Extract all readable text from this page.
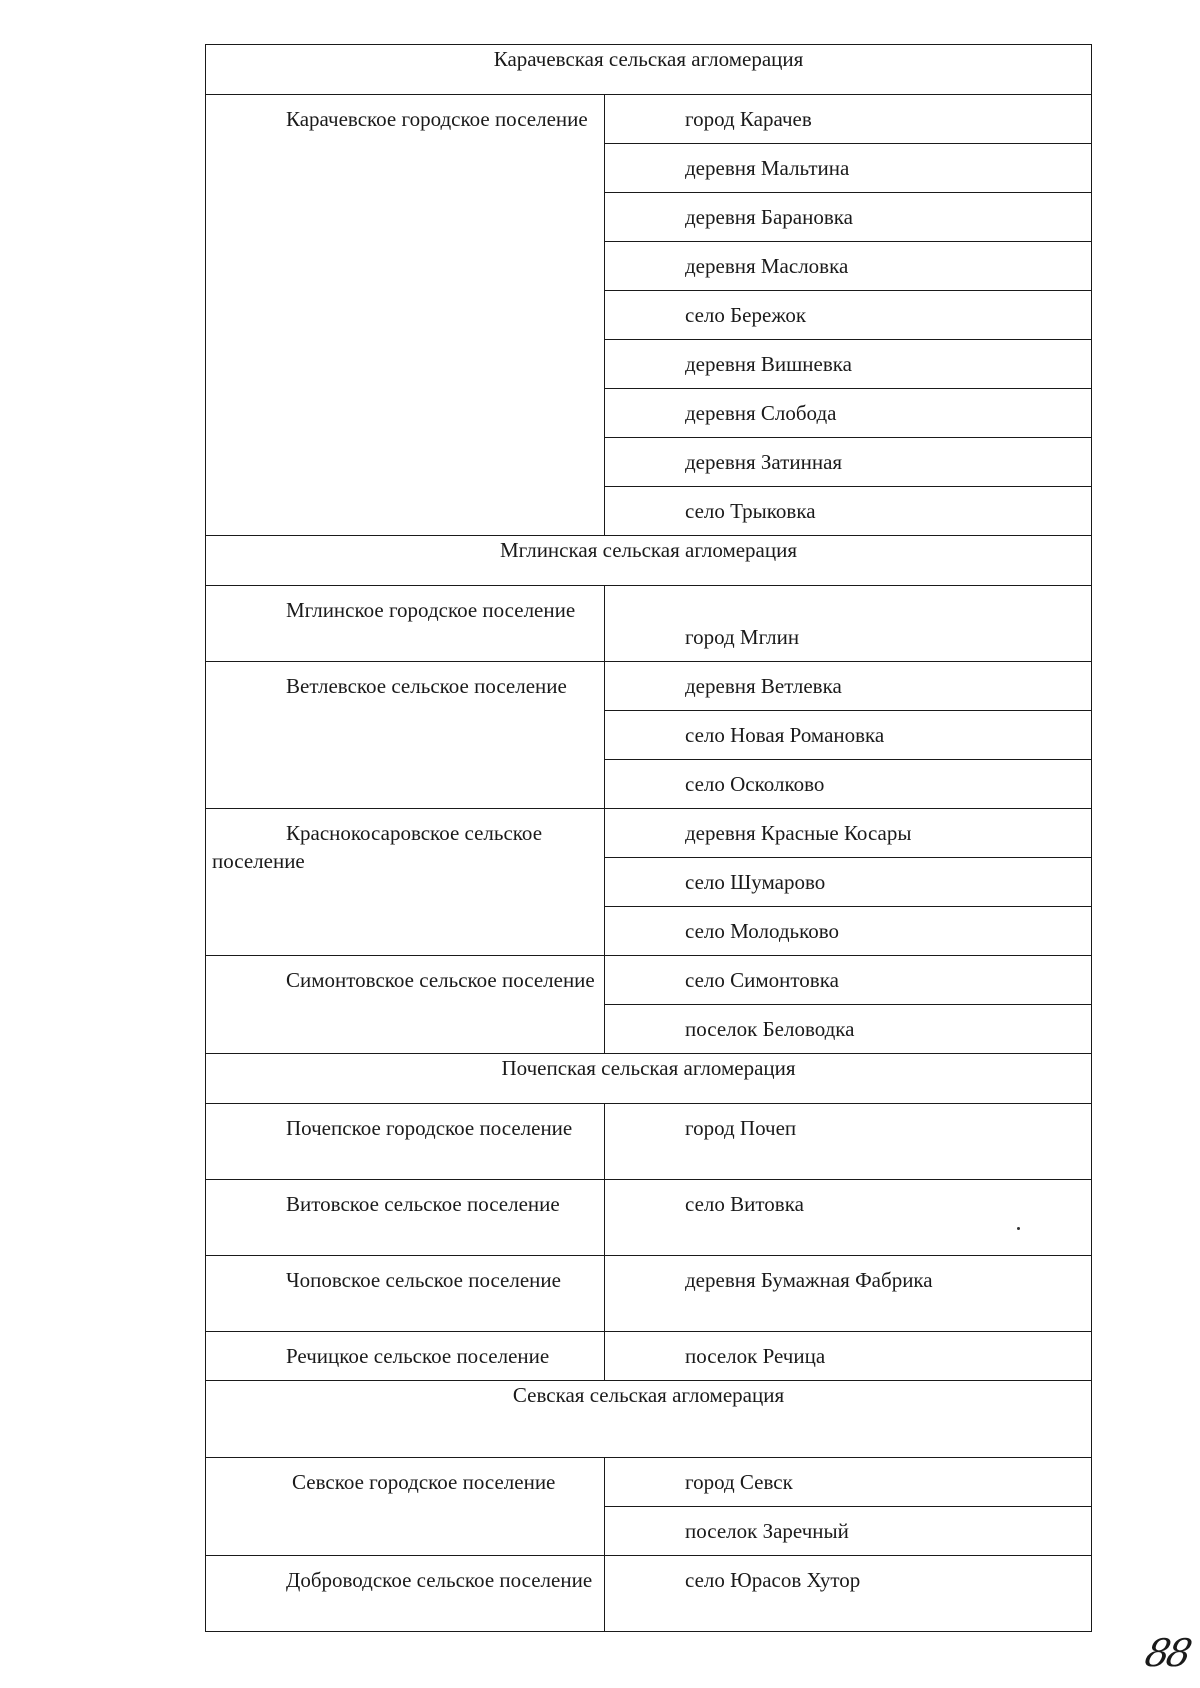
Карачевская сельская агломерация	
Карачевское городское поселение	город Карачев
	деревня Мальтина
	деревня Барановка
	деревня Масловка
	село Бережок
	деревня Вишневка
	деревня Слобода
	деревня Затинная
	село Трыковка
Мглинская сельская агломерация	
Мглинское городское поселение	город Мглин

Ветлевское сельское поселение	деревня Ветлевка
	село Новая Романовка
	село Осколково
Краснокосаровское сельское поселение	деревня Красные Косары
	село Шумарово
	село Молодьково
Симонтовское сельское поселение	село Симонтовка
	поселок Беловодка
Почепская сельская агломерация	
Почепское городское поселение	город Почеп

Витовское сельское поселение	село Витовка

Чоповское сельское поселение	деревня Бумажная Фабрика

Речицкое сельское поселение	поселок Речица

Севская сельская агломерация	

Севское городское поселение	город Севск
	поселок Заречный
Доброводское сельское поселение	село Юрасов Хутор
88
